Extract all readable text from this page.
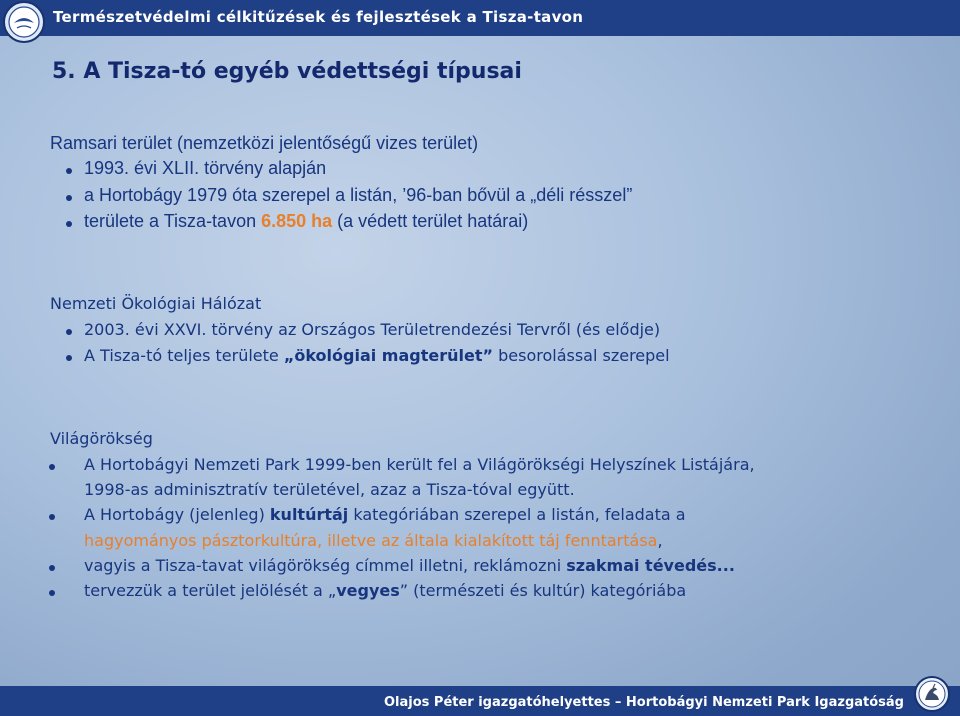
Természetvédelmi célkitűzések és fejlesztések a Tisza-tavon
5. A Tisza-tó egyéb védettségi típusai
Ramsari terület (nemzetközi jelentőségű vizes terület)
1993. évi XLII. törvény alapján
a Hortobágy 1979 óta szerepel a listán, ’96-ban bővül a „déli résszel”
területe a Tisza-tavon 6.850 ha (a védett terület határai)
Nemzeti Ökológiai Hálózat
2003. évi XXVI. törvény az Országos Területrendezési Tervről (és elődje)
A Tisza-tó teljes területe „ökológiai magterület” besorolással szerepel
Világörökség
A Hortobágyi Nemzeti Park 1999-ben került fel a Világörökségi Helyszínek Listájára,
1998-as adminisztratív területével, azaz a Tisza-tóval együtt.
A Hortobágy (jelenleg) kultúrtáj kategóriában szerepel a listán, feladata a
hagyományos pásztorkultúra, illetve az általa kialakított táj fenntartása,
vagyis a Tisza-tavat világörökség címmel illetni, reklámozni szakmai tévedés...
tervezzük a terület jelölését a „vegyes” (természeti és kultúr) kategóriába
Olajos Péter igazgatóhelyettes – Hortobágyi Nemzeti Park Igazgatóság
